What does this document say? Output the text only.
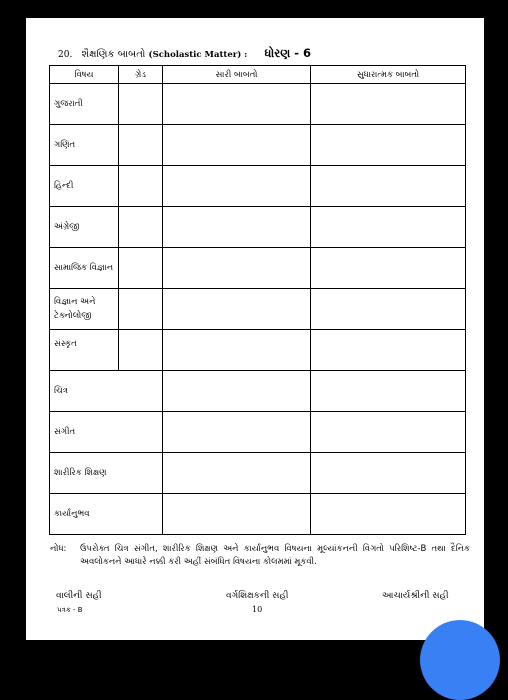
20. શૈક્ષણિક બાબતો (Scholastic Matter) : ધોરણ - 6
વિષય	ગ્રેડ	સારી બાબતો	સુધારાત્મક બાબતો
ગુજરાતી			
ગણિત			
હિન્દી			
અંગ્રેજી			
સામાજિક વિજ્ઞાન			
વિજ્ઞાન અને
ટેક્નોલોજી			
સંસ્કૃત			
ચિત્ર			
સંગીત			
શારીરિક શિક્ષણ			
કાર્યાનુભવ			
નોંધ:	ઉપરોક્ત ચિત્ર સંગીત, શારીરિક શિક્ષણ અને કાર્યાનુભવ વિષયના મૂલ્યાંકનની વિગતો પરિશિષ્ટ-B તથા દૈનિક અવલોકનને આધારે નક્કી કરી અહીં સંબંધિત વિષયના કોલમમાં મૂકવી.
વાલીની સહી	વર્ગશિક્ષકની સહી	આચાર્યશ્રીની સહી
પત્રક - B	10
